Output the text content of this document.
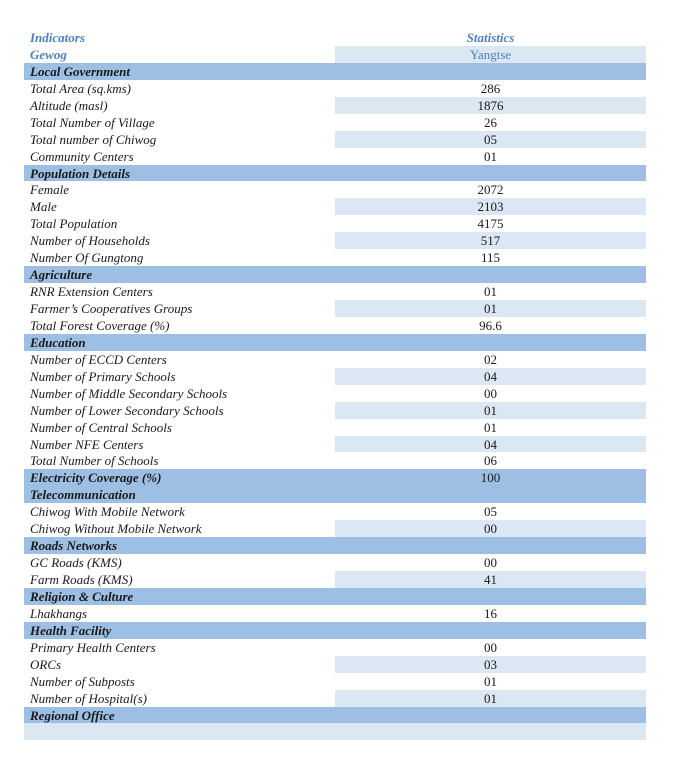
Indicators	Statistics
Gewog	Yangtse
Local Government
Total Area (sq.kms)	286
Altitude (masl)	1876
Total Number of Village	26
Total number of Chiwog	05
Community Centers	01
Population Details
Female	2072
Male	2103
Total Population	4175
Number of Households	517
Number Of Gungtong	115
Agriculture
RNR Extension Centers	01
Farmer’s Cooperatives Groups	01
Total Forest Coverage (%)	96.6
Education
Number of ECCD Centers	02
Number of Primary Schools	04
Number of Middle Secondary Schools	00
Number of Lower Secondary Schools	01
Number of Central Schools	01
Number NFE Centers	04
Total Number of Schools	06
Electricity Coverage (%)	100
Telecommunication
Chiwog With Mobile Network	05
Chiwog Without Mobile Network	00
Roads Networks
GC Roads (KMS)	00
Farm Roads (KMS)	41
Religion & Culture
Lhakhangs	16
Health Facility
Primary Health Centers	00
ORCs	03
Number of Subposts	01
Number of Hospital(s)	01
Regional Office
